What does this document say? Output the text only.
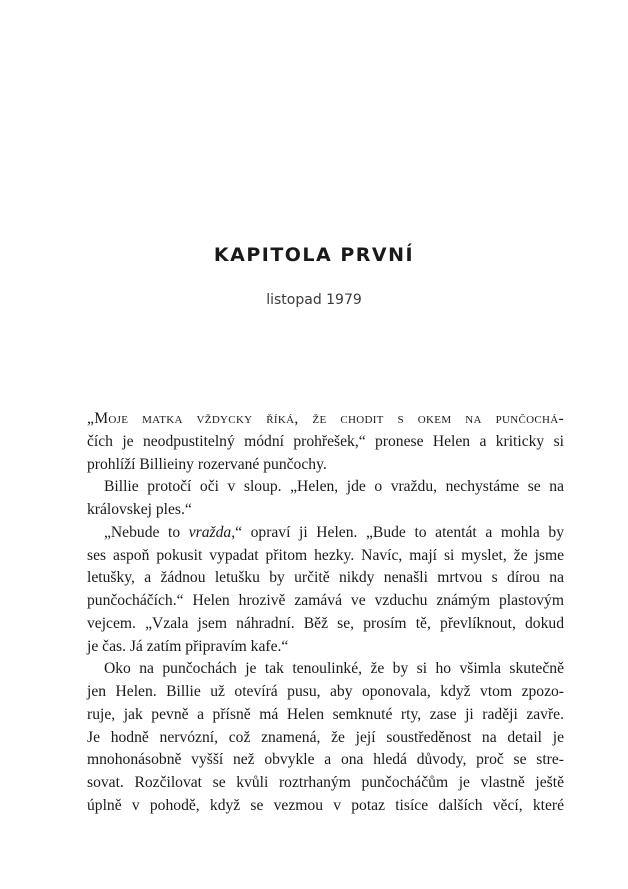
KAPITOLA PRVNÍ
listopad 1979
„Moje matka vždycky říká, že chodit s okem na punčochá-
čích je neodpustitelný módní prohřešek,“ pronese Helen a kriticky si
prohlíží Billieiny rozervané punčochy.
Billie protočí oči v sloup. „Helen, jde o vraždu, nechystáme se na
královskej ples.“
„Nebude to vražda,“ opraví ji Helen. „Bude to atentát a mohla by
ses aspoň pokusit vypadat přitom hezky. Navíc, mají si myslet, že jsme
letušky, a žádnou letušku by určitě nikdy nenašli mrtvou s dírou na
punčocháčích.“ Helen hrozivě zamává ve vzduchu známým plastovým
vejcem. „Vzala jsem náhradní. Běž se, prosím tě, převlíknout, dokud
je čas. Já zatím připravím kafe.“
Oko na punčochách je tak tenoulinké, že by si ho všimla skutečně
jen Helen. Billie už otevírá pusu, aby oponovala, když vtom zpozo-
ruje, jak pevně a přísně má Helen semknuté rty, zase ji raději zavře.
Je hodně nervózní, což znamená, že její soustředěnost na detail je
mnohonásobně vyšší než obvykle a ona hledá důvody, proč se stre-
sovat. Rozčilovat se kvůli roztrhaným punčocháčům je vlastně ještě
úplně v pohodě, když se vezmou v potaz tisíce dalších věcí, které
